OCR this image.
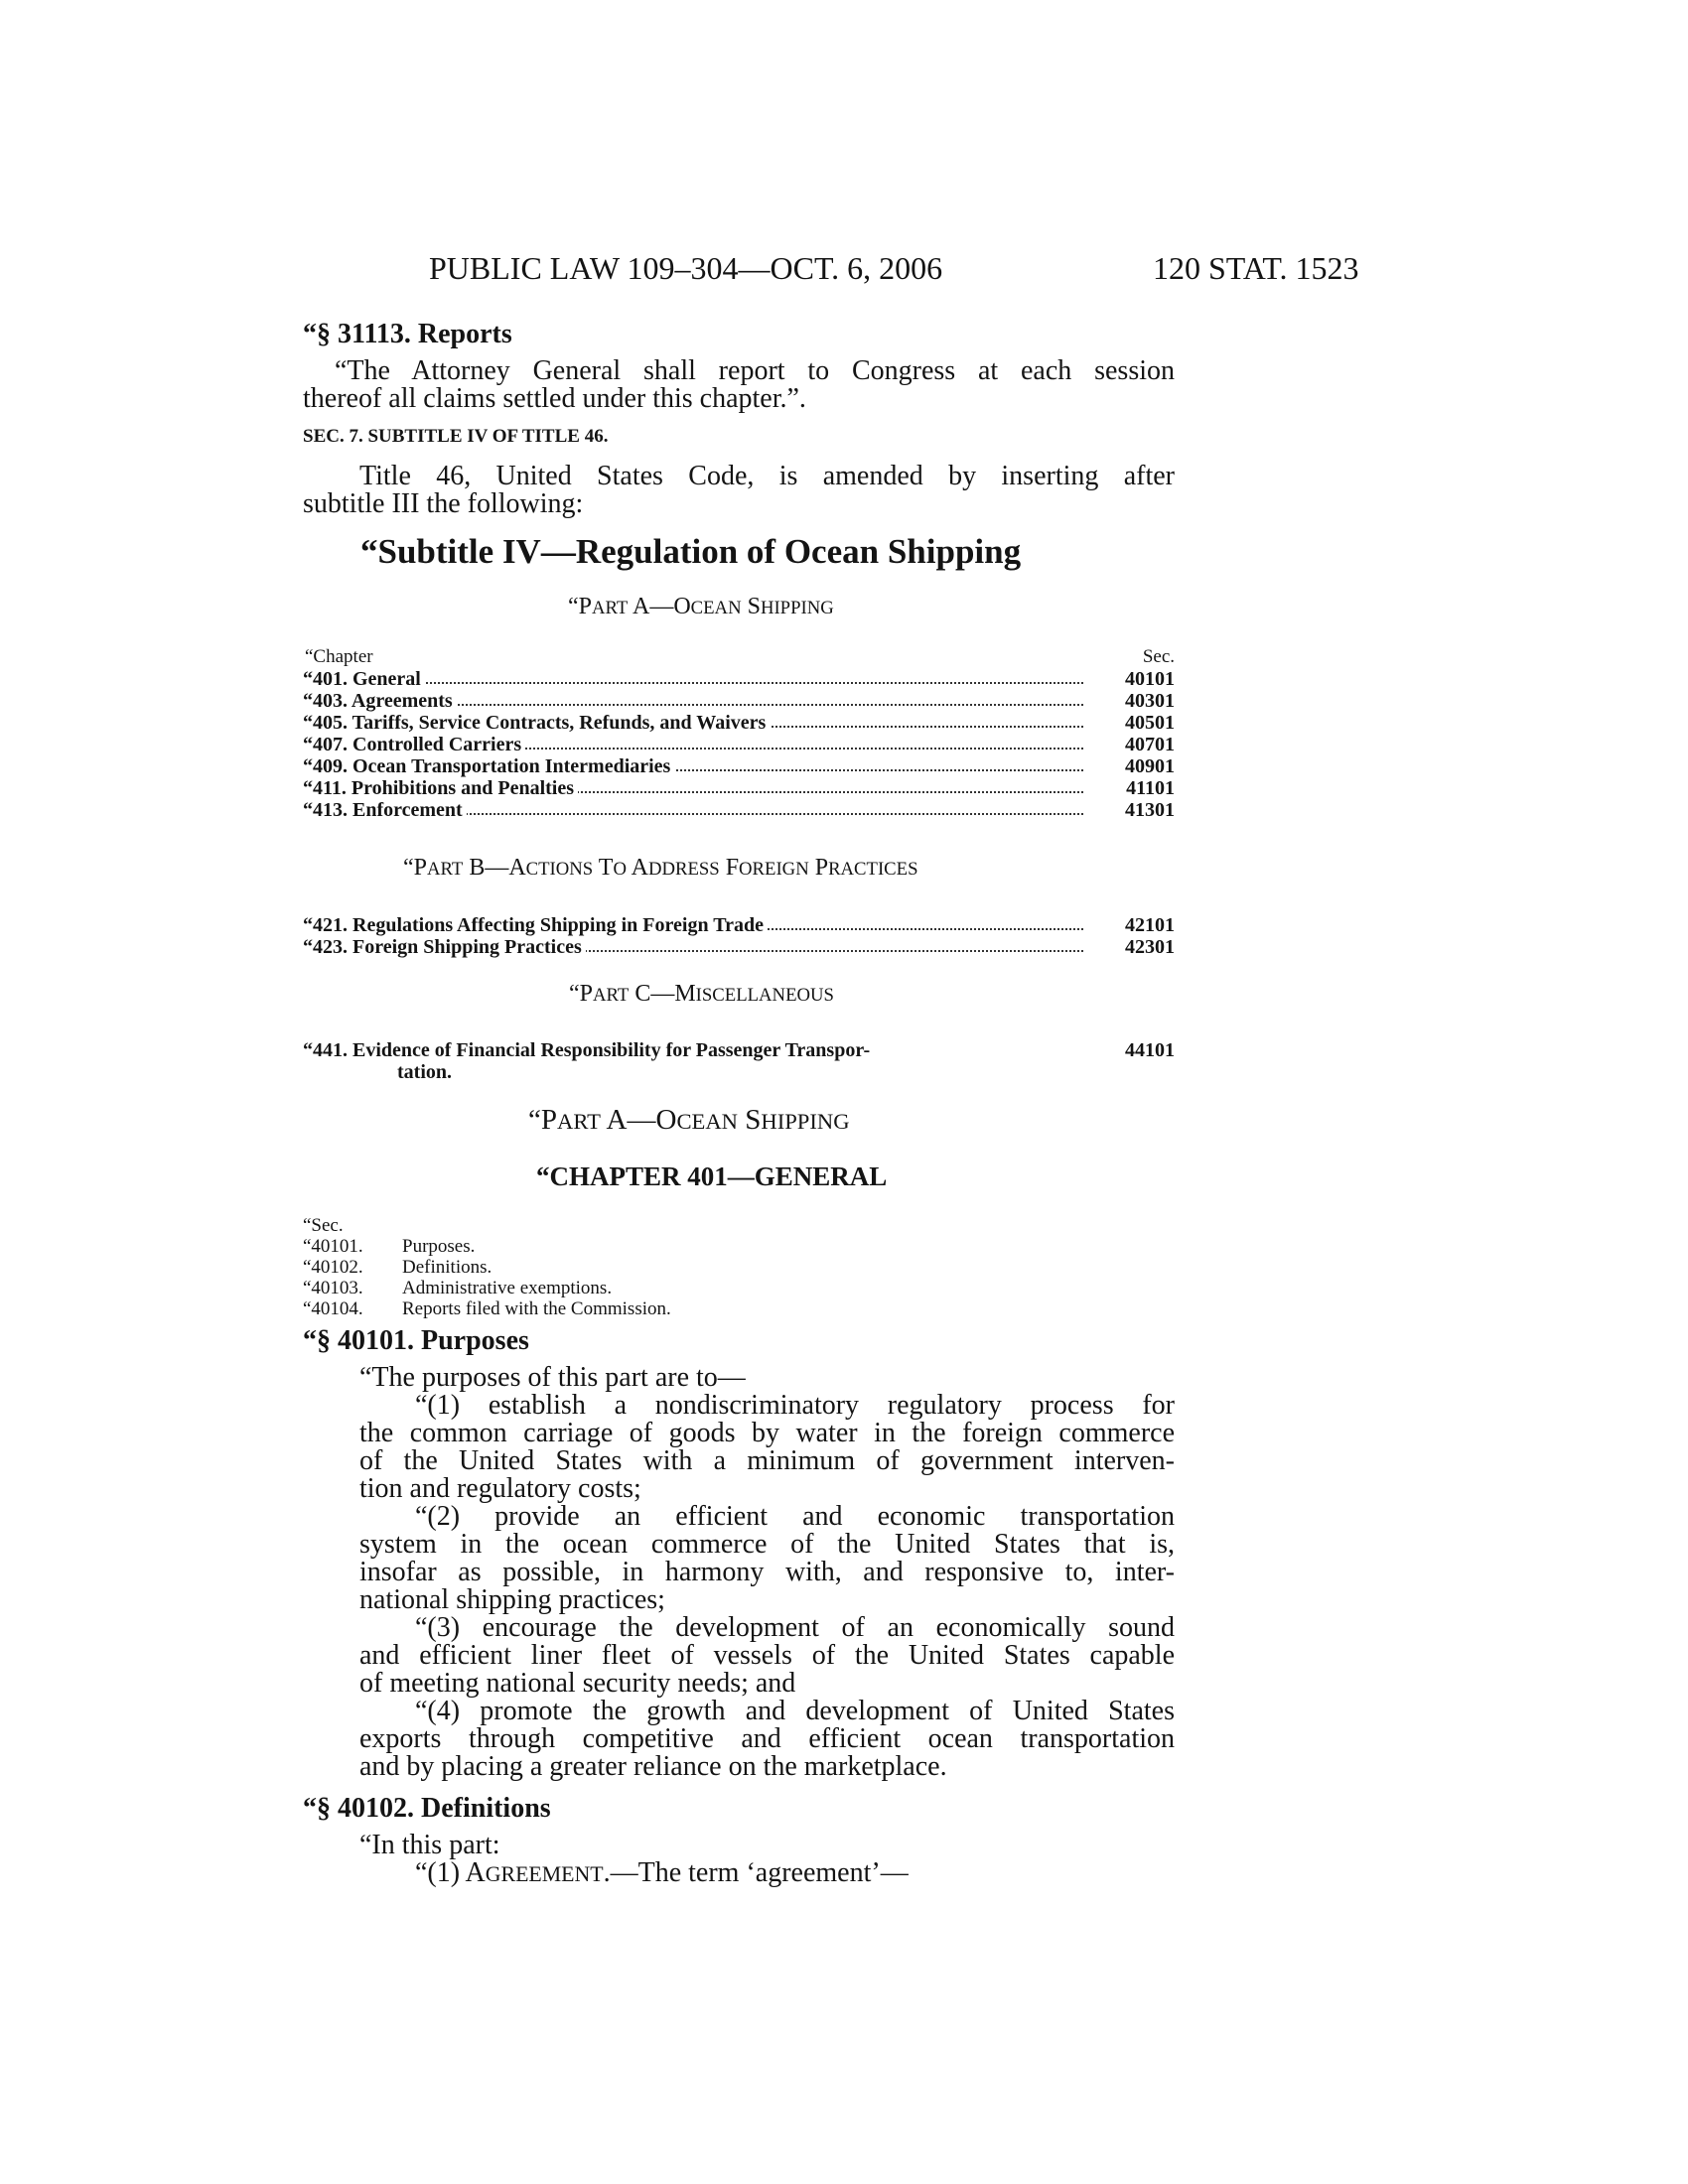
PUBLIC LAW 109–304—OCT. 6, 2006	120 STAT. 1523
“§ 31113. Reports
“The Attorney General shall report to Congress at each session
thereof all claims settled under this chapter.”.
SEC. 7. SUBTITLE IV OF TITLE 46.
Title 46, United States Code, is amended by inserting after
subtitle III the following:
“Subtitle IV—Regulation of Ocean Shipping
“PART A—OCEAN SHIPPING
“Chapter	Sec.
“401. General	40101
“403. Agreements	40301
“405. Tariffs, Service Contracts, Refunds, and Waivers	40501
“407. Controlled Carriers	40701
“409. Ocean Transportation Intermediaries	40901
“411. Prohibitions and Penalties	41101
“413. Enforcement	41301
“PART B—ACTIONS TO ADDRESS FOREIGN PRACTICES
“421. Regulations Affecting Shipping in Foreign Trade	42101
“423. Foreign Shipping Practices	42301
“PART C—MISCELLANEOUS
“441. Evidence of Financial Responsibility for Passenger Transpor-	44101
tation.
“PART A—OCEAN SHIPPING
“CHAPTER 401—GENERAL
“Sec.
“40101. Purposes.
“40102. Definitions.
“40103. Administrative exemptions.
“40104. Reports filed with the Commission.
“§ 40101. Purposes
“The purposes of this part are to—
“(1) establish a nondiscriminatory regulatory process for
the common carriage of goods by water in the foreign commerce
of the United States with a minimum of government interven-
tion and regulatory costs;
“(2) provide an efficient and economic transportation
system in the ocean commerce of the United States that is,
insofar as possible, in harmony with, and responsive to, inter-
national shipping practices;
“(3) encourage the development of an economically sound
and efficient liner fleet of vessels of the United States capable
of meeting national security needs; and
“(4) promote the growth and development of United States
exports through competitive and efficient ocean transportation
and by placing a greater reliance on the marketplace.
“§ 40102. Definitions
“In this part:
“(1) AGREEMENT.—The term ‘agreement’—
